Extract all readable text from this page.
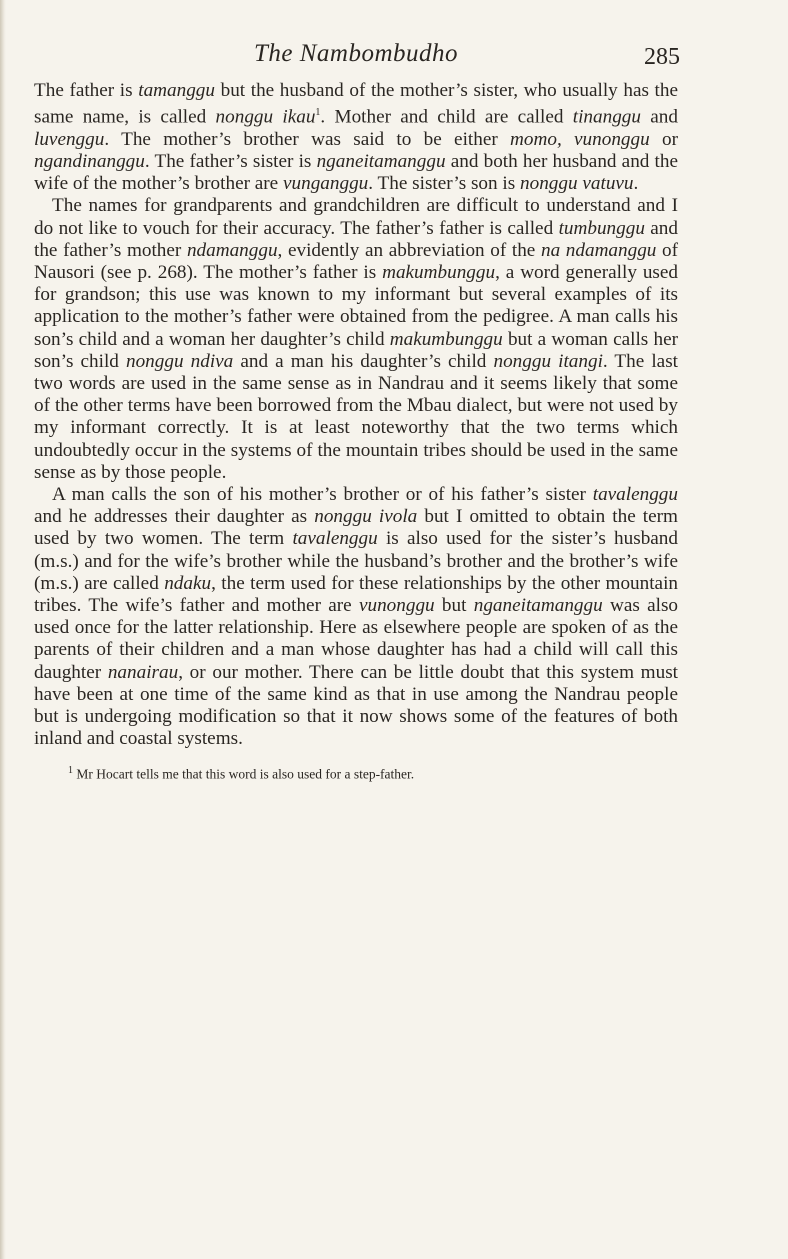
The Nambombudho	285

The father is tamanggu but the husband of the mother’s sister, who usually has the same name, is called nonggu ikau$^1$. Mother and child are called tinanggu and luvenggu. The mother’s brother was said to be either momo, vunonggu or ngandinanggu. The father’s sister is nganeitamanggu and both her husband and the wife of the mother’s brother are vunganggu. The sister’s son is nonggu vatuvu.

The names for grandparents and grandchildren are difficult to understand and I do not like to vouch for their accuracy. The father’s father is called tumbunggu and the father’s mother ndamanggu, evidently an abbreviation of the na ndamanggu of Nausori (see p. 268). The mother’s father is makumbunggu, a word generally used for grandson; this use was known to my informant but several examples of its application to the mother’s father were obtained from the pedigree. A man calls his son’s child and a woman her daughter’s child makumbunggu but a woman calls her son’s child nonggu ndiva and a man his daughter’s child nonggu itangi. The last two words are used in the same sense as in Nandrau and it seems likely that some of the other terms have been borrowed from the Mbau dialect, but were not used by my informant correctly. It is at least noteworthy that the two terms which undoubtedly occur in the systems of the mountain tribes should be used in the same sense as by those people.

A man calls the son of his mother’s brother or of his father’s sister tavalenggu and he addresses their daughter as nonggu ivola but I omitted to obtain the term used by two women. The term tavalenggu is also used for the sister’s husband (m.s.) and for the wife’s brother while the husband’s brother and the brother’s wife (m.s.) are called ndaku, the term used for these relationships by the other mountain tribes. The wife’s father and mother are vunonggu but nganeitamanggu was also used once for the latter relationship. Here as elsewhere people are spoken of as the parents of their children and a man whose daughter has had a child will call this daughter nanairau, or our mother. There can be little doubt that this system must have been at one time of the same kind as that in use among the Nandrau people but is undergoing modification so that it now shows some of the features of both inland and coastal systems.

$^1$ Mr Hocart tells me that this word is also used for a step-father.
